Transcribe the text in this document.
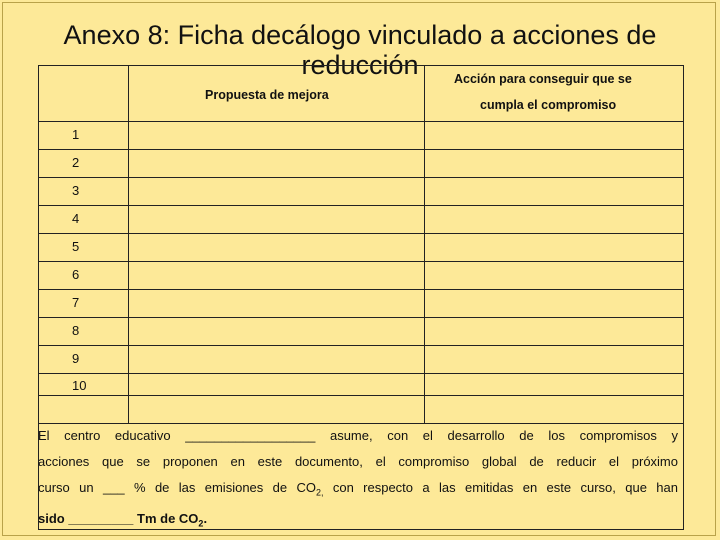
Anexo 8: Ficha decálogo vinculado a acciones de reducción
Propuesta de mejora
Acción para conseguir que se
cumpla el compromiso
1
2
3
4
5
6
7
8
9
10

El centro educativo __________________ asume, con el desarrollo de los compromisos y

acciones que se proponen en este documento, el compromiso global de reducir el próximo

curso un ___ % de las emisiones de $CO_{2,}$ con respecto a las emitidas en este curso, que han

sido _________ Tm de $CO_2$.
